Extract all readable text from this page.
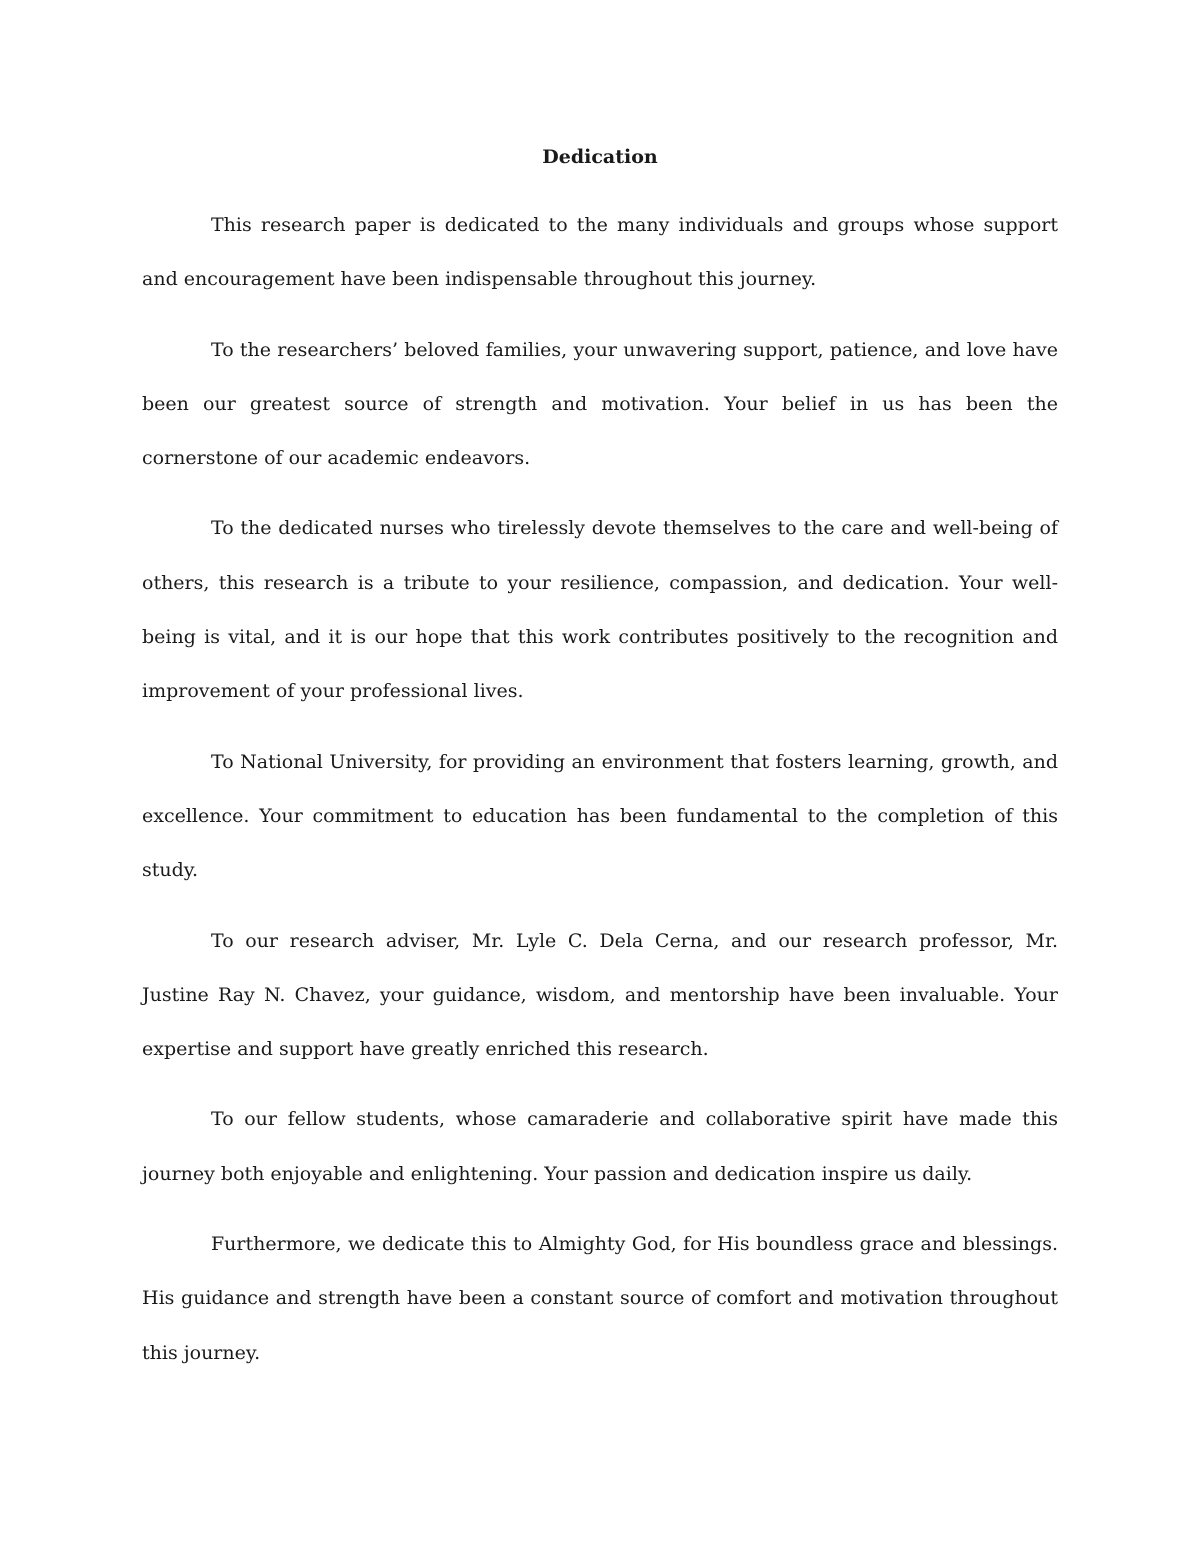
Dedication

This research paper is dedicated to the many individuals and groups whose support and encouragement have been indispensable throughout this journey.

To the researchers’ beloved families, your unwavering support, patience, and love have been our greatest source of strength and motivation. Your belief in us has been the cornerstone of our academic endeavors.

To the dedicated nurses who tirelessly devote themselves to the care and well-being of others, this research is a tribute to your resilience, compassion, and dedication. Your well-being is vital, and it is our hope that this work contributes positively to the recognition and improvement of your professional lives.

To National University, for providing an environment that fosters learning, growth, and excellence. Your commitment to education has been fundamental to the completion of this study.

To our research adviser, Mr. Lyle C. Dela Cerna, and our research professor, Mr. Justine Ray N. Chavez, your guidance, wisdom, and mentorship have been invaluable. Your expertise and support have greatly enriched this research.

To our fellow students, whose camaraderie and collaborative spirit have made this journey both enjoyable and enlightening. Your passion and dedication inspire us daily.

Furthermore, we dedicate this to Almighty God, for His boundless grace and blessings. His guidance and strength have been a constant source of comfort and motivation throughout this journey.
